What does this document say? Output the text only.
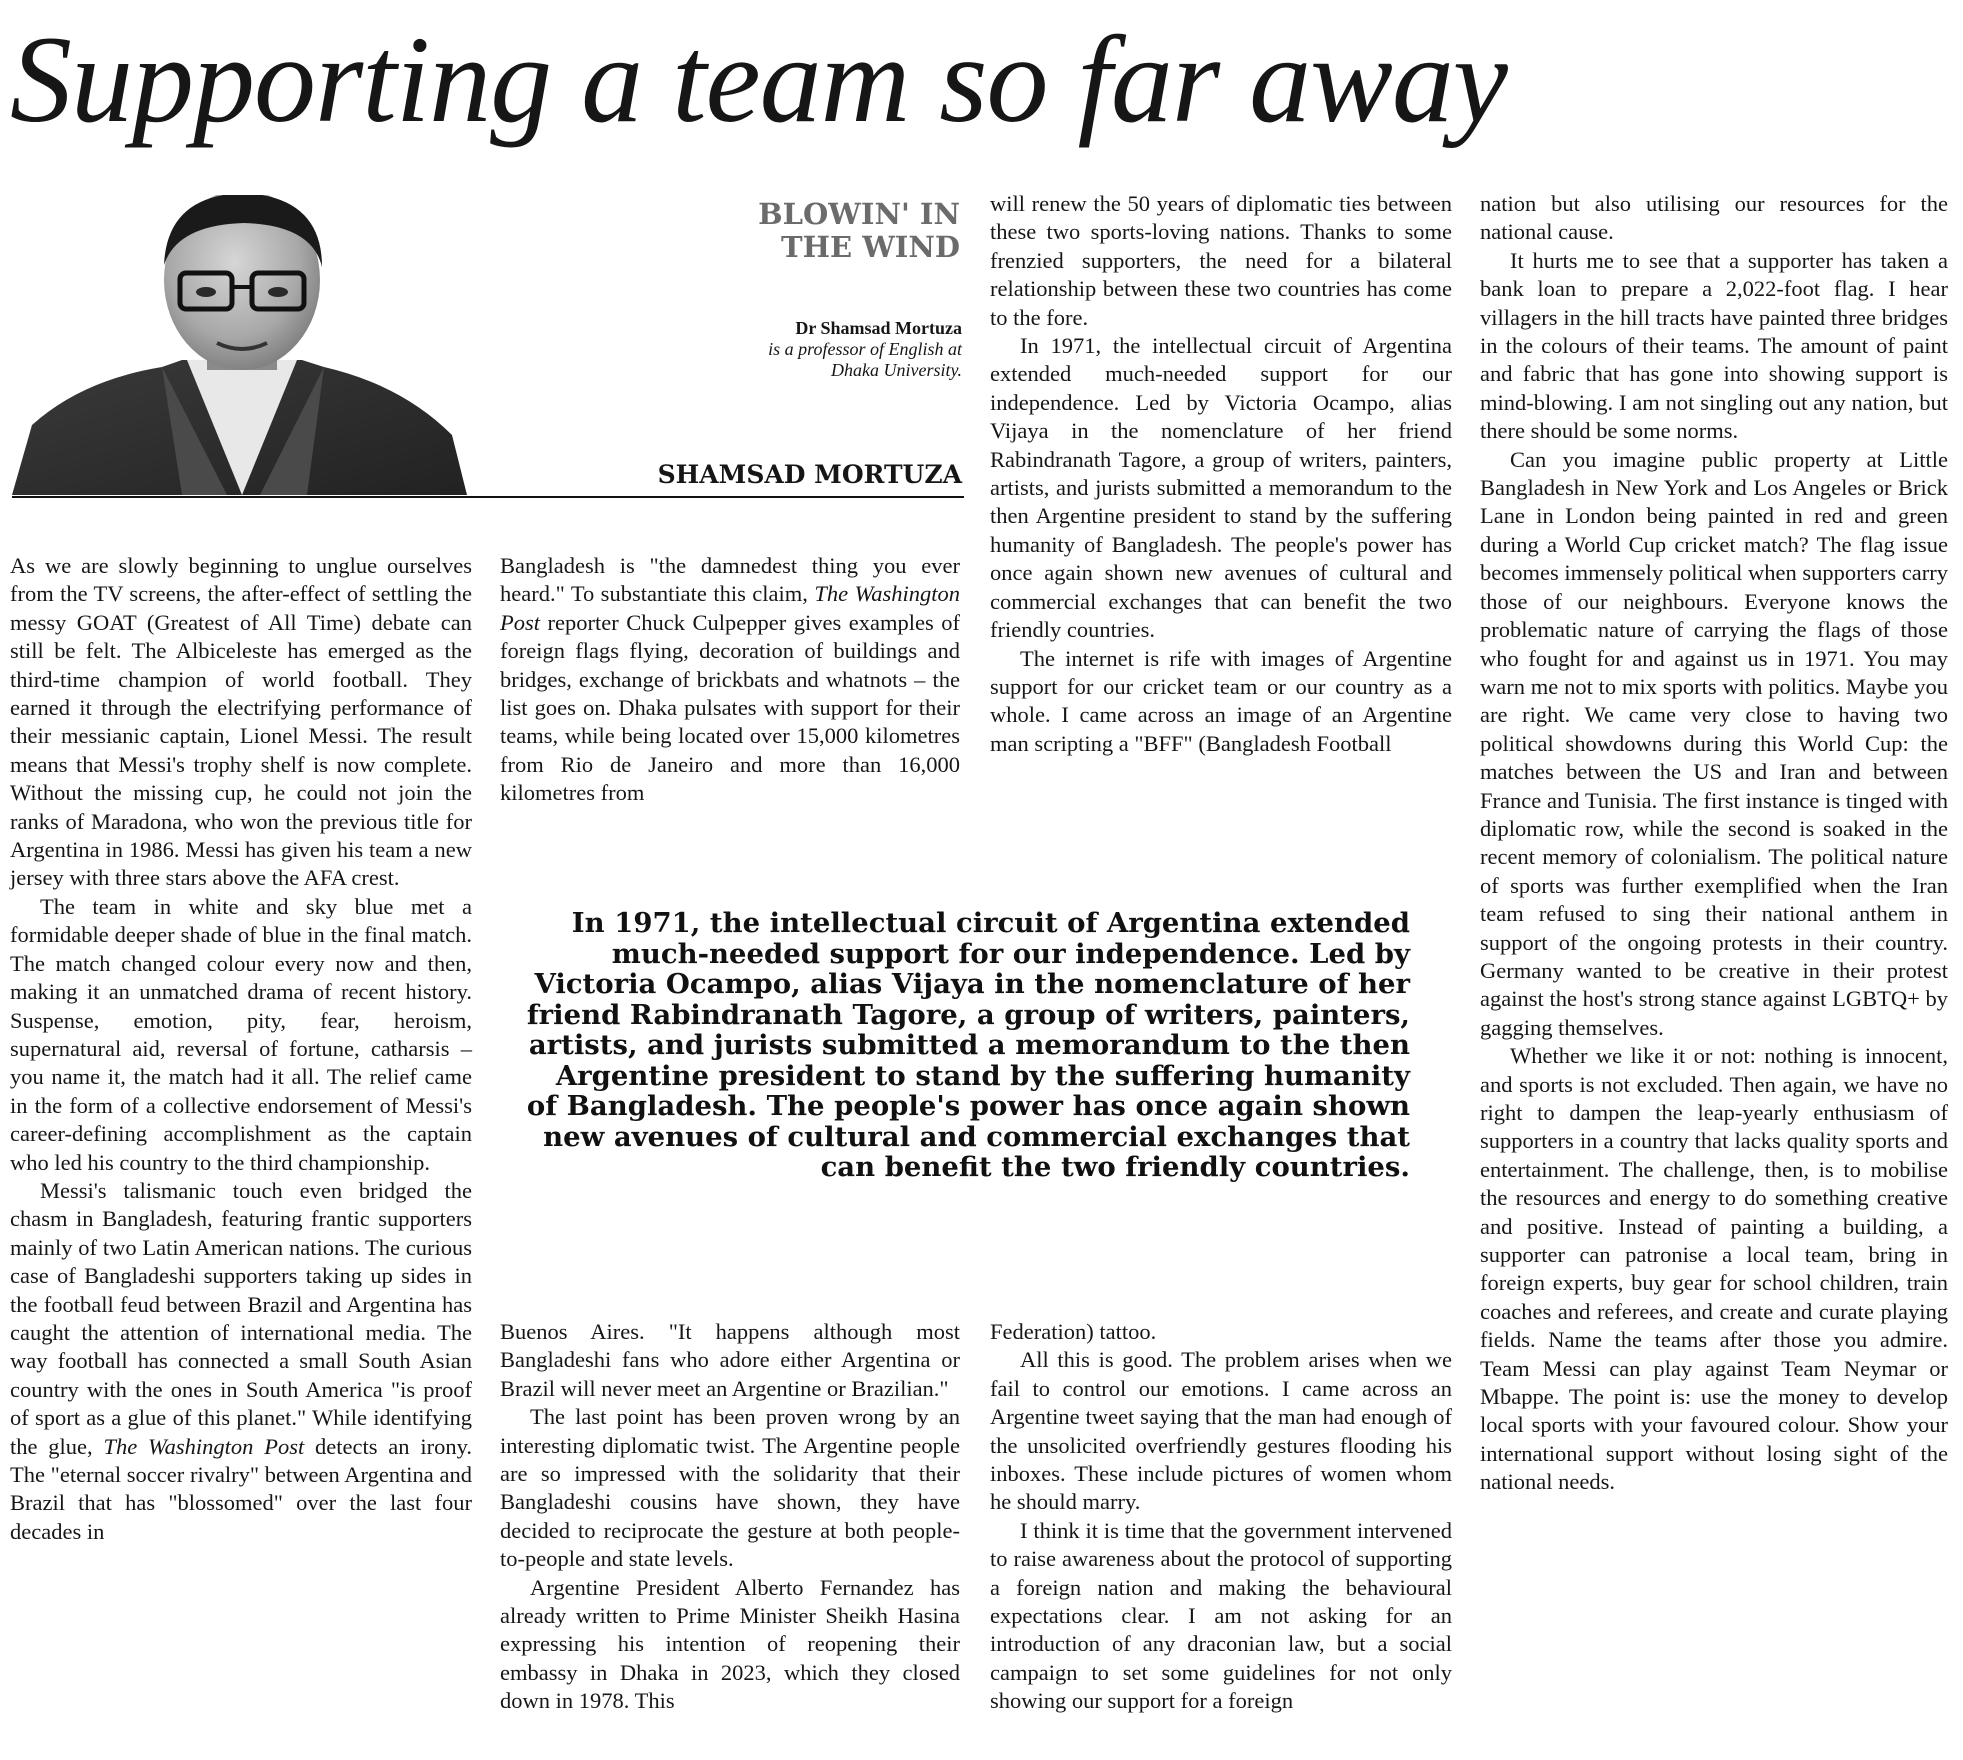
Supporting a team so far away
BLOWIN' IN
THE WIND
Dr Shamsad Mortuza
is a professor of English at
Dhaka University.
SHAMSAD MORTUZA

As we are slowly beginning to unglue ourselves from the TV screens, the after-effect of settling the messy GOAT (Greatest of All Time) debate can still be felt. The Albiceleste has emerged as the third-time champion of world football. They earned it through the electrifying performance of their messianic captain, Lionel Messi. The result means that Messi's trophy shelf is now complete. Without the missing cup, he could not join the ranks of Maradona, who won the previous title for Argentina in 1986. Messi has given his team a new jersey with three stars above the AFA crest.

The team in white and sky blue met a formidable deeper shade of blue in the final match. The match changed colour every now and then, making it an unmatched drama of recent history. Suspense, emotion, pity, fear, heroism, supernatural aid, reversal of fortune, catharsis – you name it, the match had it all. The relief came in the form of a collective endorsement of Messi's career-defining accomplishment as the captain who led his country to the third championship.

Messi's talismanic touch even bridged the chasm in Bangladesh, featuring frantic supporters mainly of two Latin American nations. The curious case of Bangladeshi supporters taking up sides in the football feud between Brazil and Argentina has caught the attention of international media. The way football has connected a small South Asian country with the ones in South America "is proof of sport as a glue of this planet." While identifying the glue, The Washington Post detects an irony. The "eternal soccer rivalry" between Argentina and Brazil that has "blossomed" over the last four decades in

Bangladesh is "the damnedest thing you ever heard." To substantiate this claim, The Washington Post reporter Chuck Culpepper gives examples of foreign flags flying, decoration of buildings and bridges, exchange of brickbats and whatnots – the list goes on. Dhaka pulsates with support for their teams, while being located over 15,000 kilometres from Rio de Janeiro and more than 16,000 kilometres from

In 1971, the intellectual circuit of Argentina extended much-needed support for our independence. Led by Victoria Ocampo, alias Vijaya in the nomenclature of her friend Rabindranath Tagore, a group of writers, painters, artists, and jurists submitted a memorandum to the then Argentine president to stand by the suffering humanity of Bangladesh. The people's power has once again shown new avenues of cultural and commercial exchanges that can benefit the two friendly countries.

Buenos Aires. "It happens although most Bangladeshi fans who adore either Argentina or Brazil will never meet an Argentine or Brazilian."

The last point has been proven wrong by an interesting diplomatic twist. The Argentine people are so impressed with the solidarity that their Bangladeshi cousins have shown, they have decided to reciprocate the gesture at both people-to-people and state levels.

Argentine President Alberto Fernandez has already written to Prime Minister Sheikh Hasina expressing his intention of reopening their embassy in Dhaka in 2023, which they closed down in 1978. This

will renew the 50 years of diplomatic ties between these two sports-loving nations. Thanks to some frenzied supporters, the need for a bilateral relationship between these two countries has come to the fore.

In 1971, the intellectual circuit of Argentina extended much-needed support for our independence. Led by Victoria Ocampo, alias Vijaya in the nomenclature of her friend Rabindranath Tagore, a group of writers, painters, artists, and jurists submitted a memorandum to the then Argentine president to stand by the suffering humanity of Bangladesh. The people's power has once again shown new avenues of cultural and commercial exchanges that can benefit the two friendly countries.

The internet is rife with images of Argentine support for our cricket team or our country as a whole. I came across an image of an Argentine man scripting a "BFF" (Bangladesh Football

Federation) tattoo.

All this is good. The problem arises when we fail to control our emotions. I came across an Argentine tweet saying that the man had enough of the unsolicited overfriendly gestures flooding his inboxes. These include pictures of women whom he should marry.

I think it is time that the government intervened to raise awareness about the protocol of supporting a foreign nation and making the behavioural expectations clear. I am not asking for an introduction of any draconian law, but a social campaign to set some guidelines for not only showing our support for a foreign

nation but also utilising our resources for the national cause.

It hurts me to see that a supporter has taken a bank loan to prepare a 2,022-foot flag. I hear villagers in the hill tracts have painted three bridges in the colours of their teams. The amount of paint and fabric that has gone into showing support is mind-blowing. I am not singling out any nation, but there should be some norms.

Can you imagine public property at Little Bangladesh in New York and Los Angeles or Brick Lane in London being painted in red and green during a World Cup cricket match? The flag issue becomes immensely political when supporters carry those of our neighbours. Everyone knows the problematic nature of carrying the flags of those who fought for and against us in 1971. You may warn me not to mix sports with politics. Maybe you are right. We came very close to having two political showdowns during this World Cup: the matches between the US and Iran and between France and Tunisia. The first instance is tinged with diplomatic row, while the second is soaked in the recent memory of colonialism. The political nature of sports was further exemplified when the Iran team refused to sing their national anthem in support of the ongoing protests in their country. Germany wanted to be creative in their protest against the host's strong stance against LGBTQ+ by gagging themselves.

Whether we like it or not: nothing is innocent, and sports is not excluded. Then again, we have no right to dampen the leap-yearly enthusiasm of supporters in a country that lacks quality sports and entertainment. The challenge, then, is to mobilise the resources and energy to do something creative and positive. Instead of painting a building, a supporter can patronise a local team, bring in foreign experts, buy gear for school children, train coaches and referees, and create and curate playing fields. Name the teams after those you admire. Team Messi can play against Team Neymar or Mbappe. The point is: use the money to develop local sports with your favoured colour. Show your international support without losing sight of the national needs.
